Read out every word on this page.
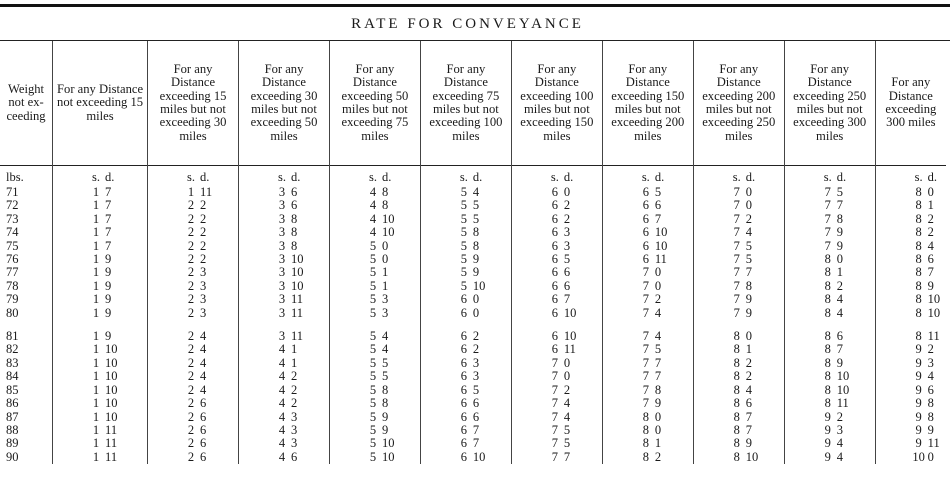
RATE FOR CONVEYANCE
Weight not ex-ceeding	For any Distance not exceeding 15 miles	For any Distance exceeding 15 miles but not exceeding 30 miles	For any Distance exceeding 30 miles but not exceeding 50 miles	For any Distance exceeding 50 miles but not exceeding 75 miles	For any Distance exceeding 75 miles but not exceeding 100 miles	For any Distance exceeding 100 miles but not exceeding 150 miles	For any Distance exceeding 150 miles but not exceeding 200 miles	For any Distance exceeding 200 miles but not exceeding 250 miles	For any Distance exceeding 250 miles but not exceeding 300 miles	For any Distance exceeding 300 miles
lbs.	s. d.	s. d.	s. d.	s. d.	s. d.	s. d.	s. d.	s. d.	s. d.	s. d.
71	1 7	1 11	3 6	4 8	5 4	6 0	6 5	7 0	7 5	8 0
72	1 7	2 2	3 6	4 8	5 5	6 2	6 6	7 0	7 7	8 1
73	1 7	2 2	3 8	4 10	5 5	6 2	6 7	7 2	7 8	8 2
74	1 7	2 2	3 8	4 10	5 8	6 3	6 10	7 4	7 9	8 2
75	1 7	2 2	3 8	5 0	5 8	6 3	6 10	7 5	7 9	8 4
76	1 9	2 2	3 10	5 0	5 9	6 5	6 11	7 5	8 0	8 6
77	1 9	2 3	3 10	5 1	5 9	6 6	7 0	7 7	8 1	8 7
78	1 9	2 3	3 10	5 1	5 10	6 6	7 0	7 8	8 2	8 9
79	1 9	2 3	3 11	5 3	6 0	6 7	7 2	7 9	8 4	8 10
80	1 9	2 3	3 11	5 3	6 0	6 10	7 4	7 9	8 4	8 10

81	1 9	2 4	3 11	5 4	6 2	6 10	7 4	8 0	8 6	8 11
82	1 10	2 4	4 1	5 4	6 2	6 11	7 5	8 1	8 7	9 2
83	1 10	2 4	4 1	5 5	6 3	7 0	7 7	8 2	8 9	9 3
84	1 10	2 4	4 2	5 5	6 3	7 0	7 7	8 2	8 10	9 4
85	1 10	2 4	4 2	5 8	6 5	7 2	7 8	8 4	8 10	9 6
86	1 10	2 6	4 2	5 8	6 6	7 4	7 9	8 6	8 11	9 8
87	1 10	2 6	4 3	5 9	6 6	7 4	8 0	8 7	9 2	9 8
88	1 11	2 6	4 3	5 9	6 7	7 5	8 0	8 7	9 3	9 9
89	1 11	2 6	4 3	5 10	6 7	7 5	8 1	8 9	9 4	9 11
90	1 11	2 6	4 6	5 10	6 10	7 7	8 2	8 10	9 4	10 0
